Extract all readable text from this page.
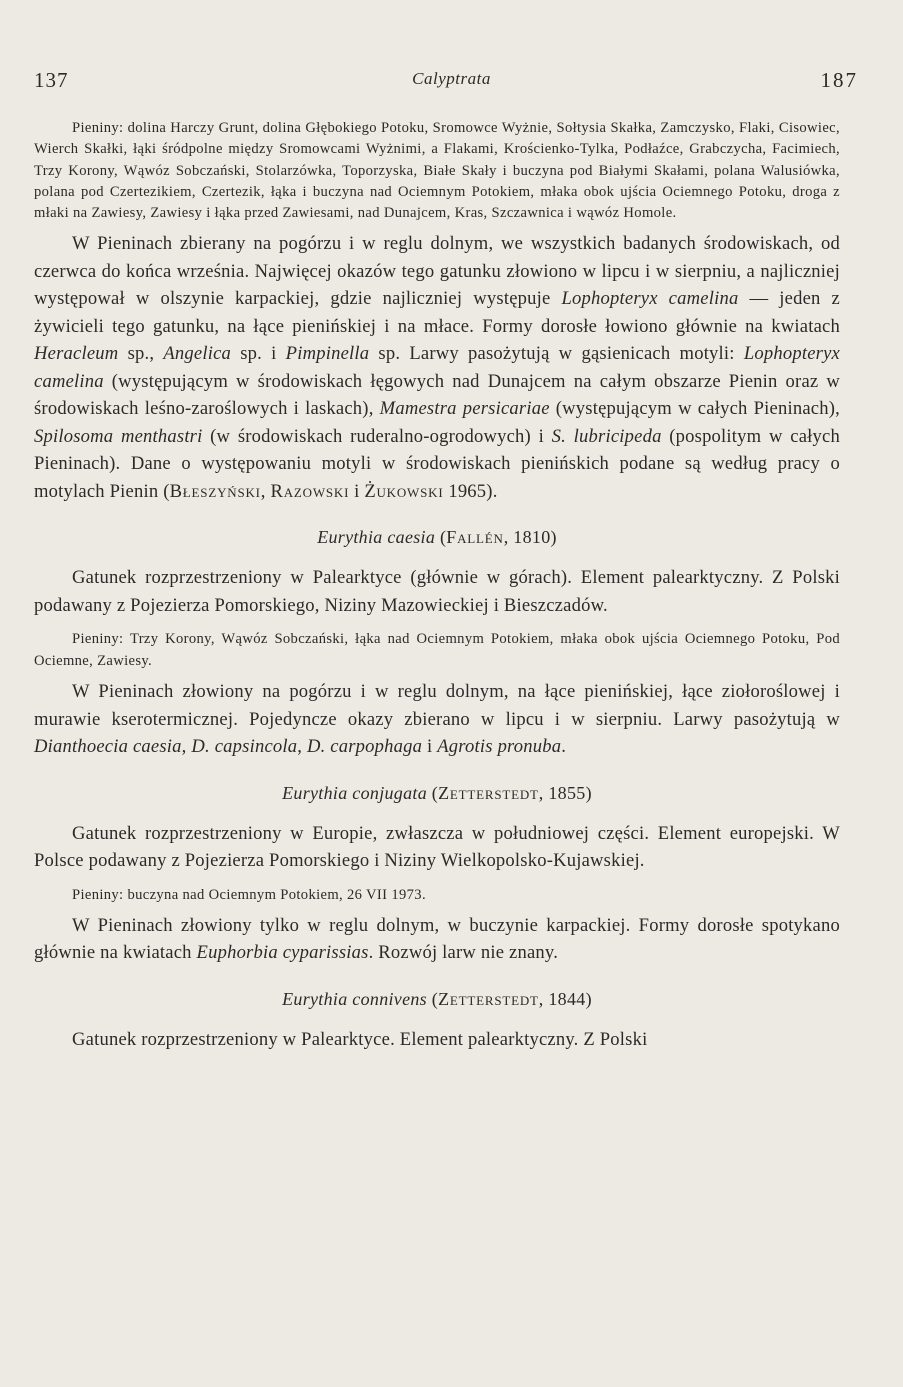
137	Calyptrata	187

Pieniny: dolina Harczy Grunt, dolina Głębokiego Potoku, Sromowce Wyżnie, Sołtysia Skałka, Zamczysko, Flaki, Cisowiec, Wierch Skałki, łąki śródpolne między Sromowcami Wyżnimi, a Flakami, Krościenko-Tylka, Podłaźce, Grabczycha, Facimiech, Trzy Korony, Wąwóz Sobczański, Stolarzówka, Toporzyska, Białe Skały i buczyna pod Białymi Skałami, polana Walusiówka, polana pod Czertezikiem, Czertezik, łąka i buczyna nad Ociemnym Potokiem, młaka obok ujścia Ociemnego Potoku, droga z młaki na Zawiesy, Zawiesy i łąka przed Zawiesami, nad Dunajcem, Kras, Szczawnica i wąwóz Homole.

W Pieninach zbierany na pogórzu i w reglu dolnym, we wszystkich badanych środowiskach, od czerwca do końca września. Najwięcej okazów tego gatunku złowiono w lipcu i w sierpniu, a najliczniej występował w olszynie karpackiej, gdzie najliczniej występuje Lophopteryx camelina — jeden z żywicieli tego gatunku, na łące pienińskiej i na młace. Formy dorosłe łowiono głównie na kwiatach Heracleum sp., Angelica sp. i Pimpinella sp. Larwy pasożytują w gąsienicach motyli: Lophopteryx camelina (występującym w środowiskach łęgowych nad Dunajcem na całym obszarze Pienin oraz w środowiskach leśno-zaroślowych i laskach), Mamestra persicariae (występującym w całych Pieninach), Spilosoma menthastri (w środowiskach ruderalno-ogrodowych) i S. lubricipeda (pospolitym w całych Pieninach). Dane o występowaniu motyli w środowiskach pienińskich podane są według pracy o motylach Pienin (Błeszyński, Razowski i Żukowski 1965).

Eurythia caesia (Fallén, 1810)

Gatunek rozprzestrzeniony w Palearktyce (głównie w górach). Element palearktyczny. Z Polski podawany z Pojezierza Pomorskiego, Niziny Mazowieckiej i Bieszczadów.

Pieniny: Trzy Korony, Wąwóz Sobczański, łąka nad Ociemnym Potokiem, młaka obok ujścia Ociemnego Potoku, Pod Ociemne, Zawiesy.

W Pieninach złowiony na pogórzu i w reglu dolnym, na łące pienińskiej, łące ziołoroślowej i murawie kserotermicznej. Pojedyncze okazy zbierano w lipcu i w sierpniu. Larwy pasożytują w Dianthoecia caesia, D. capsincola, D. carpophaga i Agrotis pronuba.

Eurythia conjugata (Zetterstedt, 1855)

Gatunek rozprzestrzeniony w Europie, zwłaszcza w południowej części. Element europejski. W Polsce podawany z Pojezierza Pomorskiego i Niziny Wielkopolsko-Kujawskiej.

Pieniny: buczyna nad Ociemnym Potokiem, 26 VII 1973.

W Pieninach złowiony tylko w reglu dolnym, w buczynie karpackiej. Formy dorosłe spotykano głównie na kwiatach Euphorbia cyparissias. Rozwój larw nie znany.

Eurythia connivens (Zetterstedt, 1844)

Gatunek rozprzestrzeniony w Palearktyce. Element palearktyczny. Z Polski
